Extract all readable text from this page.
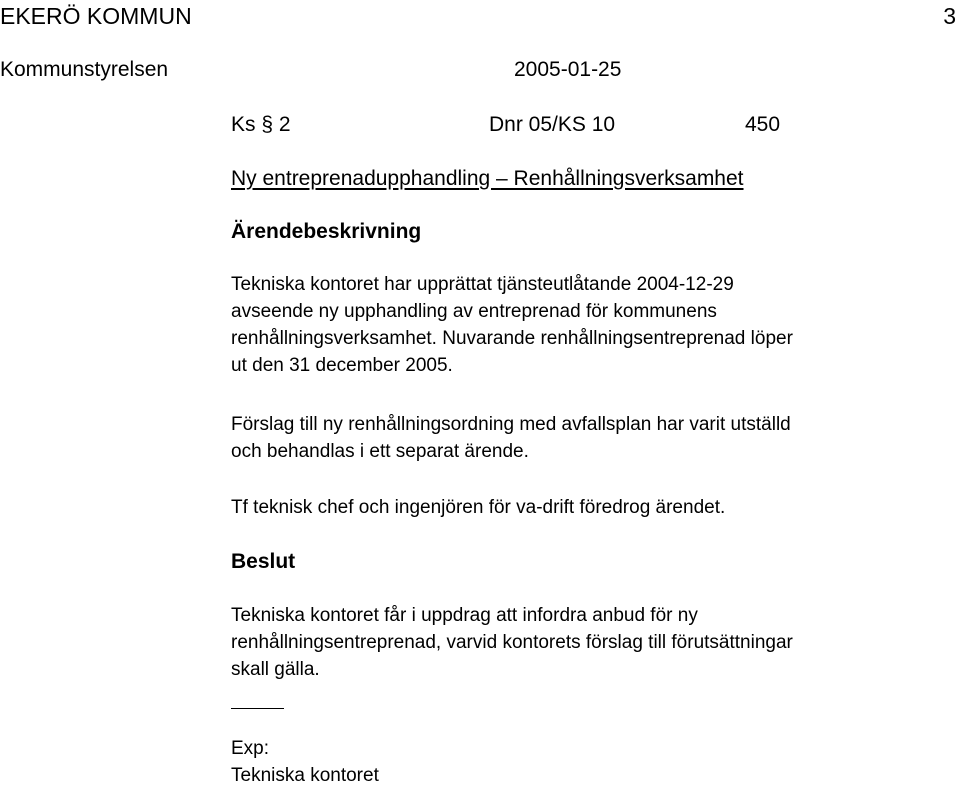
EKERÖ KOMMUN	3
Kommunstyrelsen	2005-01-25
Ks § 2	Dnr 05/KS 10	450
Ny entreprenadupphandling – Renhållningsverksamhet
Ärendebeskrivning
Tekniska kontoret har upprättat tjänsteutlåtande 2004-12-29
avseende ny upphandling av entreprenad för kommunens
renhållningsverksamhet. Nuvarande renhållningsentreprenad löper
ut den 31 december 2005.
Förslag till ny renhållningsordning med avfallsplan har varit utställd
och behandlas i ett separat ärende.
Tf teknisk chef och ingenjören för va-drift föredrog ärendet.
Beslut
Tekniska kontoret får i uppdrag att infordra anbud för ny
renhållningsentreprenad, varvid kontorets förslag till förutsättningar
skall gälla.
Exp:
Tekniska kontoret
